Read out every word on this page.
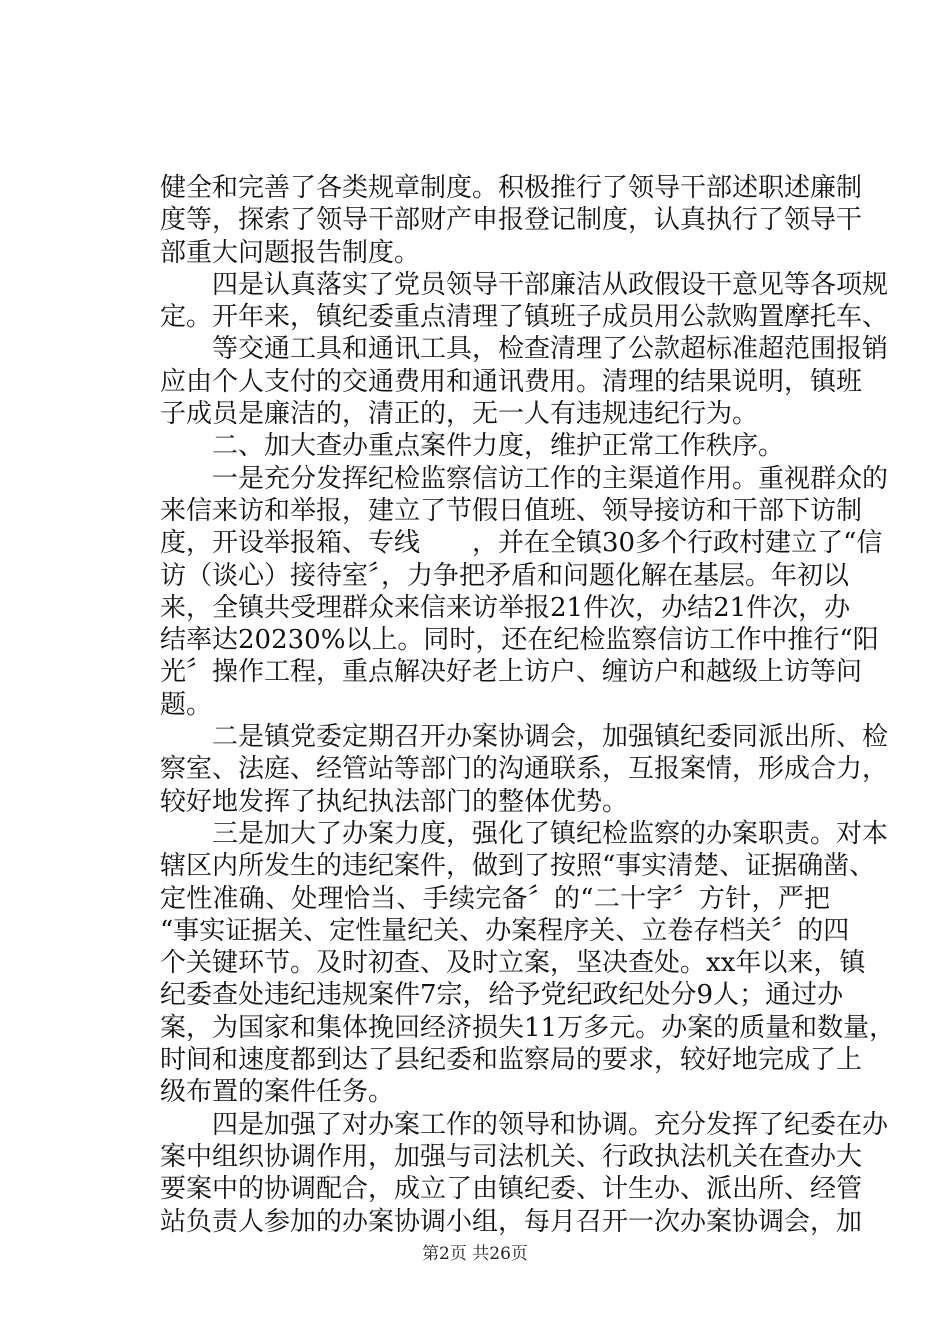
健全和完善了各类规章制度。积极推行了领导干部述职述廉制
度等，探索了领导干部财产申报登记制度，认真执行了领导干
部重大问题报告制度。
　　四是认真落实了党员领导干部廉洁从政假设干意见等各项规
定。开年来，镇纪委重点清理了镇班子成员用公款购置摩托车、
　　等交通工具和通讯工具，检查清理了公款超标准超范围报销
应由个人支付的交通费用和通讯费用。清理的结果说明，镇班
子成员是廉洁的，清正的，无一人有违规违纪行为。
　　二、加大查办重点案件力度，维护正常工作秩序。
　　一是充分发挥纪检监察信访工作的主渠道作用。重视群众的
来信来访和举报，建立了节假日值班、领导接访和干部下访制
度，开设举报箱、专线　　，并在全镇30多个行政村建立了“信
访（谈心）接待室〞，力争把矛盾和问题化解在基层。年初以
来，全镇共受理群众来信来访举报21件次，办结21件次，办
结率达20230%以上。同时，还在纪检监察信访工作中推行“阳
光〞操作工程，重点解决好老上访户、缠访户和越级上访等问
题。
　　二是镇党委定期召开办案协调会，加强镇纪委同派出所、检
察室、法庭、经管站等部门的沟通联系，互报案情，形成合力，
较好地发挥了执纪执法部门的整体优势。
　　三是加大了办案力度，强化了镇纪检监察的办案职责。对本
辖区内所发生的违纪案件，做到了按照“事实清楚、证据确凿、
定性准确、处理恰当、手续完备〞的“二十字〞方针，严把
“事实证据关、定性量纪关、办案程序关、立卷存档关〞的四
个关键环节。及时初查、及时立案，坚决查处。xx年以来，镇
纪委查处违纪违规案件7宗，给予党纪政纪处分9人；通过办
案，为国家和集体挽回经济损失11万多元。办案的质量和数量，
时间和速度都到达了县纪委和监察局的要求，较好地完成了上
级布置的案件任务。
　　四是加强了对办案工作的领导和协调。充分发挥了纪委在办
案中组织协调作用，加强与司法机关、行政执法机关在查办大
要案中的协调配合，成立了由镇纪委、计生办、派出所、经管
站负责人参加的办案协调小组，每月召开一次办案协调会，加
第2页 共26页
